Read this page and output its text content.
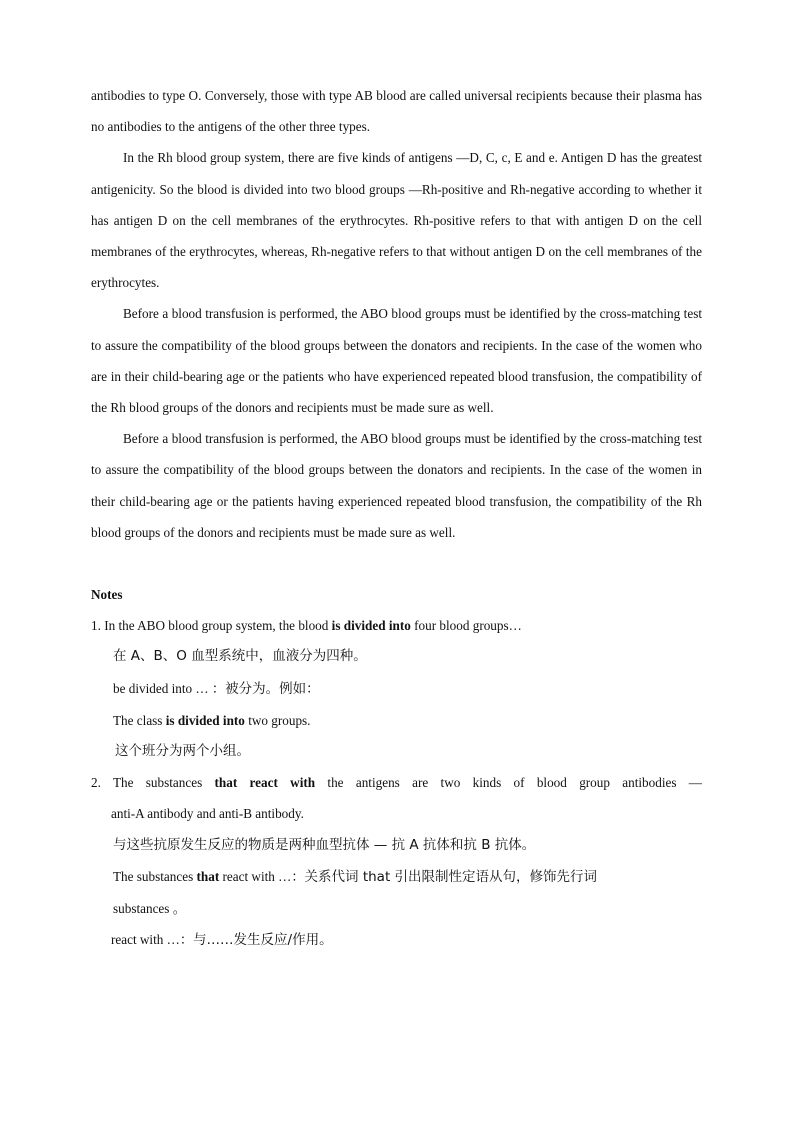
antibodies to type O. Conversely, those with type AB blood are called universal recipients because their plasma has no antibodies to the antigens of the other three types.

In the Rh blood group system, there are five kinds of antigens —D, C, c, E and e. Antigen D has the greatest antigenicity. So the blood is divided into two blood groups —Rh-positive and Rh-negative according to whether it has antigen D on the cell membranes of the erythrocytes. Rh-positive refers to that with antigen D on the cell membranes of the erythrocytes, whereas, Rh-negative refers to that without antigen D on the cell membranes of the erythrocytes.

Before a blood transfusion is performed, the ABO blood groups must be identified by the cross-matching test to assure the compatibility of the blood groups between the donators and recipients. In the case of the women who are in their child-bearing age or the patients who have experienced repeated blood transfusion, the compatibility of the Rh blood groups of the donors and recipients must be made sure as well.

Before a blood transfusion is performed, the ABO blood groups must be identified by the cross-matching test to assure the compatibility of the blood groups between the donators and recipients. In the case of the women in their child-bearing age or the patients having experienced repeated blood transfusion, the compatibility of the Rh blood groups of the donors and recipients must be made sure as well.

Notes

1. In the ABO blood group system, the blood is divided into four blood groups…

在 A、B、O 血型系统中，血液分为四种。

be divided into … ：被分为。例如：

The class is divided into two groups.

这个班分为两个小组。

2. The substances that react with the antigens are two kinds of blood group antibodies —

anti-A antibody and anti-B antibody.

与这些抗原发生反应的物质是两种血型抗体 — 抗 A 抗体和抗 B 抗体。

The substances that react with …：关系代词 that 引出限制性定语从句，修饰先行词

substances 。

react with …：与……发生反应/作用。
